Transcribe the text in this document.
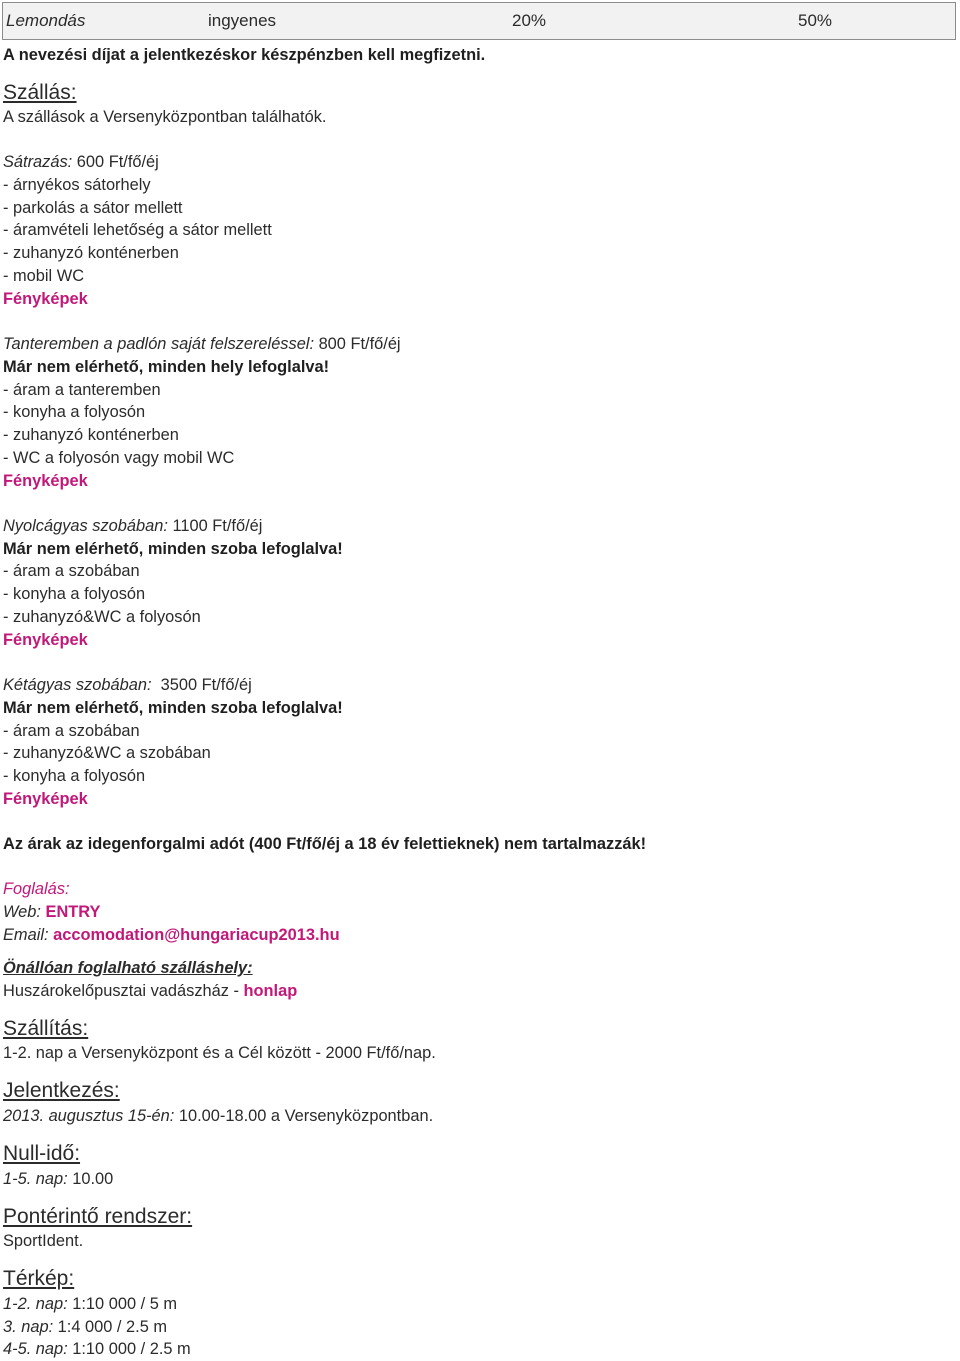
Lemondás	ingyenes	20%	50%
A nevezési díjat a jelentkezéskor készpénzben kell megfizetni.
Szállás:
A szállások a Versenyközpontban találhatók.
Sátrazás: 600 Ft/fő/éj
- árnyékos sátorhely
- parkolás a sátor mellett
- áramvételi lehetőség a sátor mellett
- zuhanyzó konténerben
- mobil WC
Fényképek
Tanteremben a padlón saját felszereléssel: 800 Ft/fő/éj
Már nem elérhető, minden hely lefoglalva!
- áram a tanteremben
- konyha a folyosón
- zuhanyzó konténerben
- WC a folyosón vagy mobil WC
Fényképek
Nyolcágyas szobában: 1100 Ft/fő/éj
Már nem elérhető, minden szoba lefoglalva!
- áram a szobában
- konyha a folyosón
- zuhanyzó&WC a folyosón
Fényképek
Kétágyas szobában:  3500 Ft/fő/éj
Már nem elérhető, minden szoba lefoglalva!
- áram a szobában
- zuhanyzó&WC a szobában
- konyha a folyosón
Fényképek
Az árak az idegenforgalmi adót (400 Ft/fő/éj a 18 év felettieknek) nem tartalmazzák!
Foglalás:
Web: ENTRY
Email: accomodation@hungariacup2013.hu
Önállóan foglalható szálláshely:
Huszárokelőpusztai vadászház - honlap
Szállítás:
1-2. nap a Versenyközpont és a Cél között - 2000 Ft/fő/nap.
Jelentkezés:
2013. augusztus 15-én: 10.00-18.00 a Versenyközpontban.
Null-idő:
1-5. nap: 10.00
Pontérintő rendszer:
SportIdent.
Térkép:
1-2. nap: 1:10 000 / 5 m
3. nap: 1:4 000 / 2.5 m
4-5. nap: 1:10 000 / 2.5 m
